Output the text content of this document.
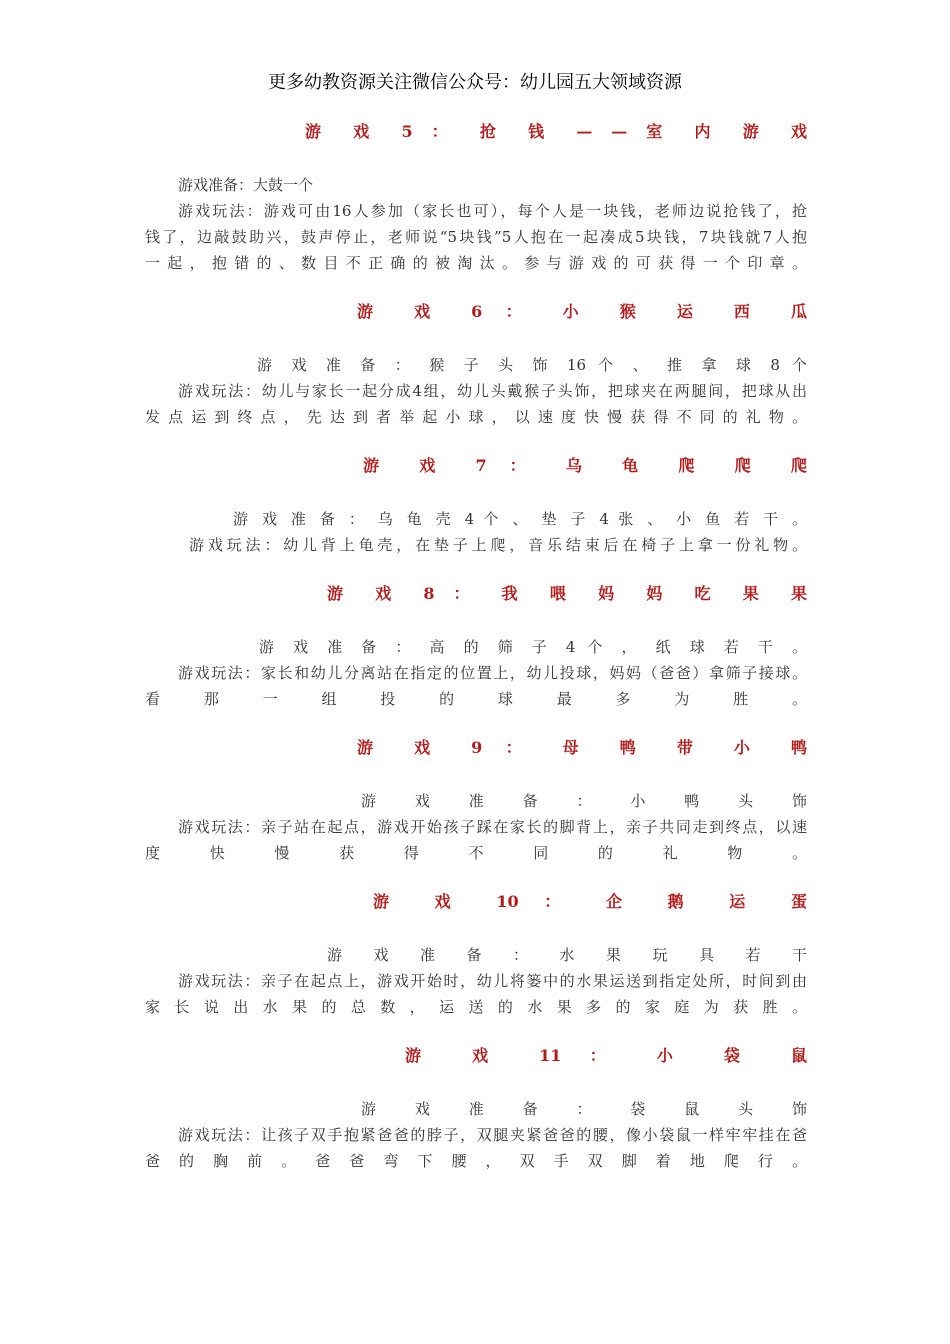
更多幼教资源关注微信公众号：幼儿园五大领域资源

游 戏 5 ： 抢 钱 — — 室 内 游 戏

游戏准备：大鼓一个

游戏玩法：游戏可由16人参加（家长也可），每个人是一块钱，老师边说抢钱了，抢

钱了，边敲鼓助兴，鼓声停止，老师说“5块钱”5人抱在一起凑成5块钱，7块钱就7人抱

一 起 ， 抱 错 的 、 数 目 不 正 确 的 被 淘 汰 。 参 与 游 戏 的 可 获 得 一 个 印 章 。

游 戏 6 ： 小 猴 运 西 瓜

游 戏 准 备 ： 猴 子 头 饰 16 个 、 推 拿 球 8 个

游戏玩法：幼儿与家长一起分成4组，幼儿头戴猴子头饰，把球夹在两腿间，把球从出

发 点 运 到 终 点 ， 先 达 到 者 举 起 小 球 ， 以 速 度 快 慢 获 得 不 同 的 礼 物 。

游 戏 7 ： 乌 龟 爬 爬 爬

游 戏 准 备 ： 乌 龟 壳 4 个 、 垫 子 4 张 、 小 鱼 若 干 。

游戏玩法：幼儿背上龟壳，在垫子上爬，音乐结束后在椅子上拿一份礼物。

游 戏 8 ： 我 喂 妈 妈 吃 果 果

游 戏 准 备 ： 高 的 筛 子 4 个 ， 纸 球 若 干 。

游戏玩法：家长和幼儿分离站在指定的位置上，幼儿投球，妈妈（爸爸）拿筛子接球。

看 那 一 组 投 的 球 最 多 为 胜 。

游 戏 9 ： 母 鸭 带 小 鸭

游 戏 准 备 ： 小 鸭 头 饰

游戏玩法：亲子站在起点，游戏开始孩子踩在家长的脚背上，亲子共同走到终点，以速

度 快 慢 获 得 不 同 的 礼 物 。

游 戏 10 ： 企 鹅 运 蛋

游 戏 准 备 ： 水 果 玩 具 若 干

游戏玩法：亲子在起点上，游戏开始时，幼儿将篓中的水果运送到指定处所，时间到由

家 长 说 出 水 果 的 总 数 ， 运 送 的 水 果 多 的 家 庭 为 获 胜 。

游 戏 11 ： 小 袋 鼠

游 戏 准 备 ： 袋 鼠 头 饰

游戏玩法：让孩子双手抱紧爸爸的脖子，双腿夹紧爸爸的腰，像小袋鼠一样牢牢挂在爸

爸 的 胸 前 。 爸 爸 弯 下 腰 ， 双 手 双 脚 着 地 爬 行 。
